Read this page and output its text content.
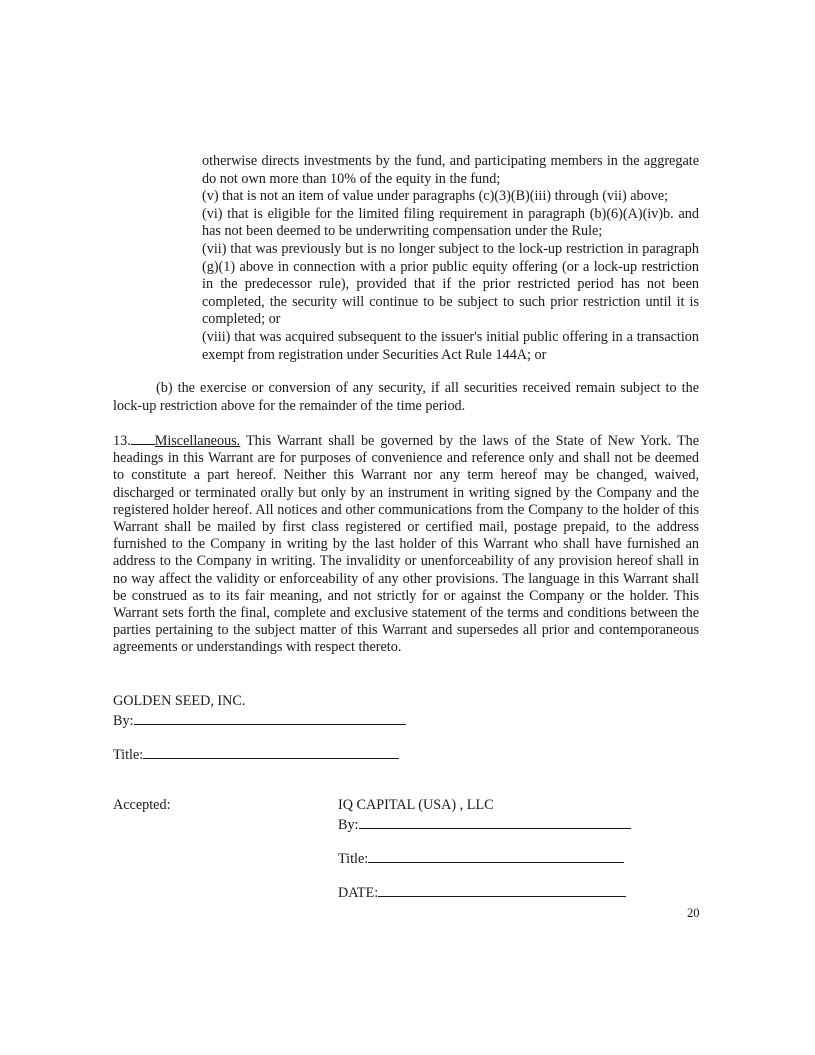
otherwise directs investments by the fund, and participating members in the aggregate do not own more than 10% of the equity in the fund;

(v) that is not an item of value under paragraphs (c)(3)(B)(iii) through (vii) above;

(vi) that is eligible for the limited filing requirement in paragraph (b)(6)(A)(iv)b. and has not been deemed to be underwriting compensation under the Rule;

(vii) that was previously but is no longer subject to the lock-up restriction in paragraph (g)(1) above in connection with a prior public equity offering (or a lock-up restriction in the predecessor rule), provided that if the prior restricted period has not been completed, the security will continue to be subject to such prior restriction until it is completed; or

(viii) that was acquired subsequent to the issuer's initial public offering in a transaction exempt from registration under Securities Act Rule 144A; or

(b) the exercise or conversion of any security, if all securities received remain subject to the lock-up restriction above for the remainder of the time period.

13. Miscellaneous. This Warrant shall be governed by the laws of the State of New York. The headings in this Warrant are for purposes of convenience and reference only and shall not be deemed to constitute a part hereof. Neither this Warrant nor any term hereof may be changed, waived, discharged or terminated orally but only by an instrument in writing signed by the Company and the registered holder hereof. All notices and other communications from the Company to the holder of this Warrant shall be mailed by first class registered or certified mail, postage prepaid, to the address furnished to the Company in writing by the last holder of this Warrant who shall have furnished an address to the Company in writing. The invalidity or unenforceability of any provision hereof shall in no way affect the validity or enforceability of any other provisions. The language in this Warrant shall be construed as to its fair meaning, and not strictly for or against the Company or the holder. This Warrant sets forth the final, complete and exclusive statement of the terms and conditions between the parties pertaining to the subject matter of this Warrant and supersedes all prior and contemporaneous agreements or understandings with respect thereto.

GOLDEN SEED, INC.
By:
Title:
Accepted:	IQ CAPITAL (USA) , LLC
By:
Title:
DATE:
20
